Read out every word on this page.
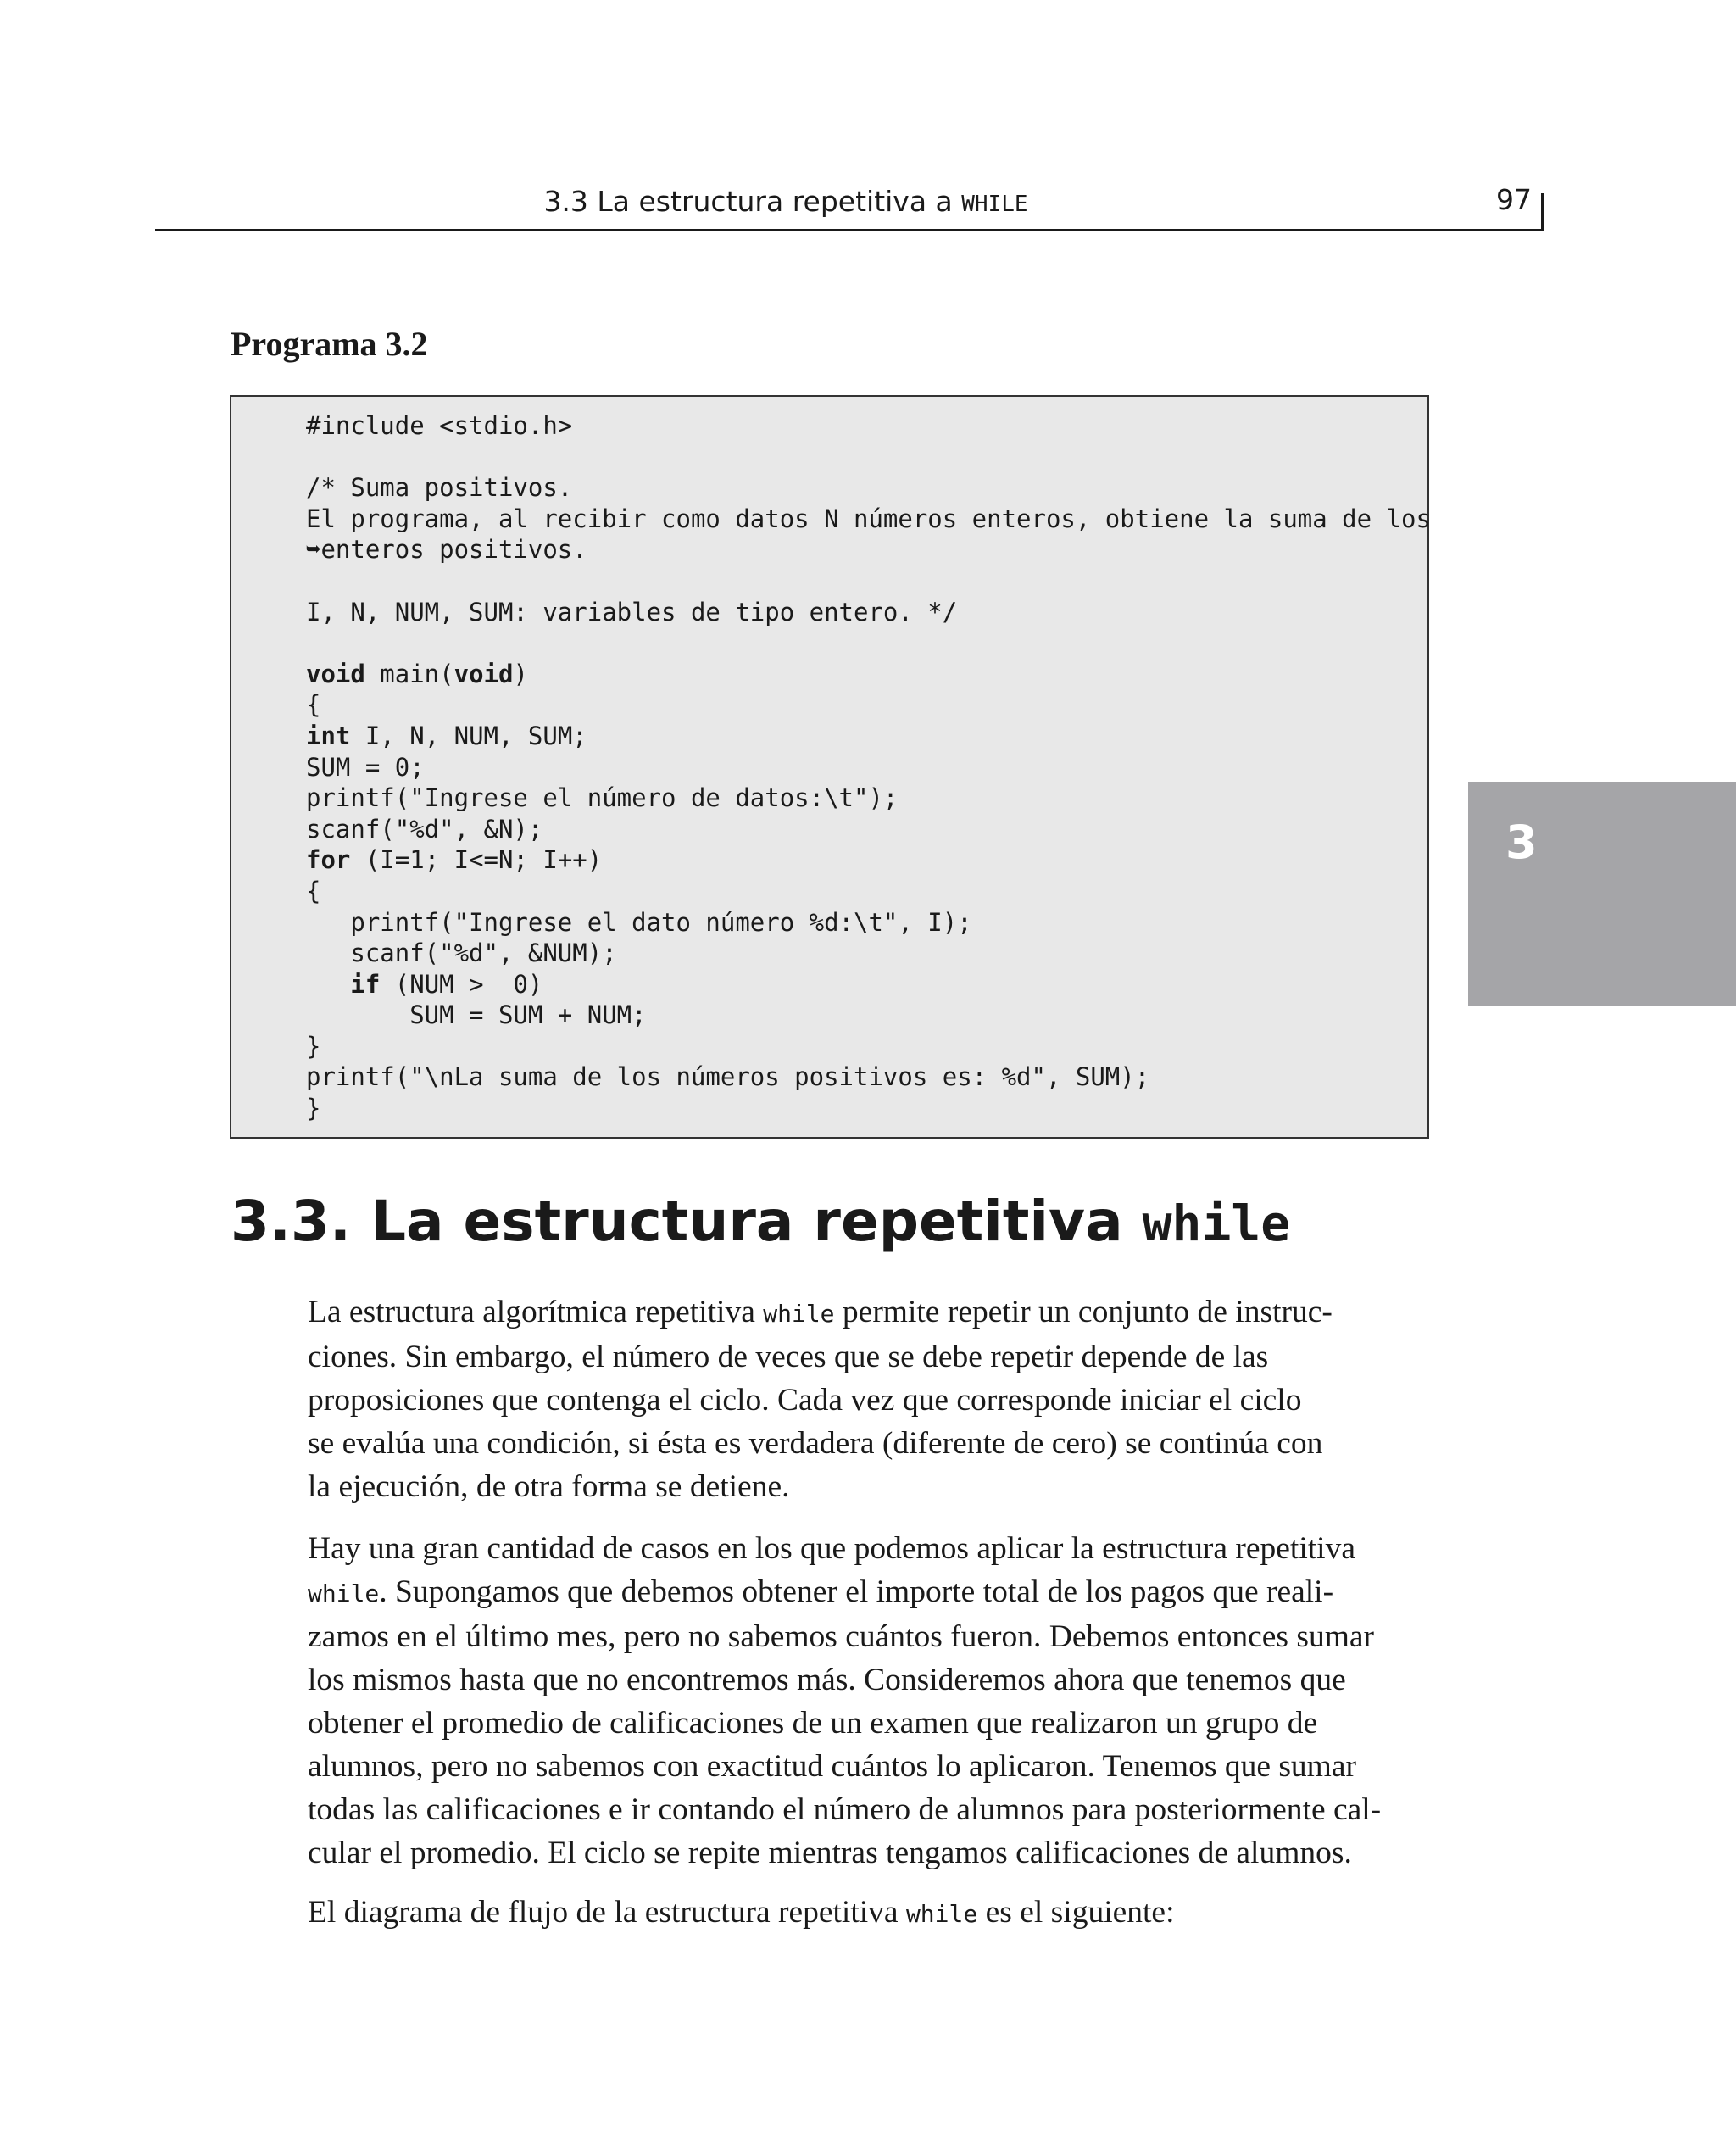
3.3 La estructura repetitiva a WHILE	97
Programa 3.2
#include <stdio.h>

/* Suma positivos.
El programa, al recibir como datos N números enteros, obtiene la suma de los
➥enteros positivos.

I, N, NUM, SUM: variables de tipo entero. */

void main(void)
{
int I, N, NUM, SUM;
SUM = 0;
printf("Ingrese el número de datos:\t");
scanf("%d", &N);
for (I=1; I<=N; I++)
{
printf("Ingrese el dato número %d:\t", I);
scanf("%d", &NUM);
if (NUM >  0)
SUM = SUM + NUM;
}
printf("\nLa suma de los números positivos es: %d", SUM);
}
3
3.3. La estructura repetitiva while
La estructura algorítmica repetitiva while permite repetir un conjunto de instruc-
ciones. Sin embargo, el número de veces que se debe repetir depende de las
proposiciones que contenga el ciclo. Cada vez que corresponde iniciar el ciclo
se evalúa una condición, si ésta es verdadera (diferente de cero) se continúa con
la ejecución, de otra forma se detiene.
Hay una gran cantidad de casos en los que podemos aplicar la estructura repetitiva
while. Supongamos que debemos obtener el importe total de los pagos que reali-
zamos en el último mes, pero no sabemos cuántos fueron. Debemos entonces sumar
los mismos hasta que no encontremos más. Consideremos ahora que tenemos que
obtener el promedio de calificaciones de un examen que realizaron un grupo de
alumnos, pero no sabemos con exactitud cuántos lo aplicaron. Tenemos que sumar
todas las calificaciones e ir contando el número de alumnos para posteriormente cal-
cular el promedio. El ciclo se repite mientras tengamos calificaciones de alumnos.
El diagrama de flujo de la estructura repetitiva while es el siguiente:
